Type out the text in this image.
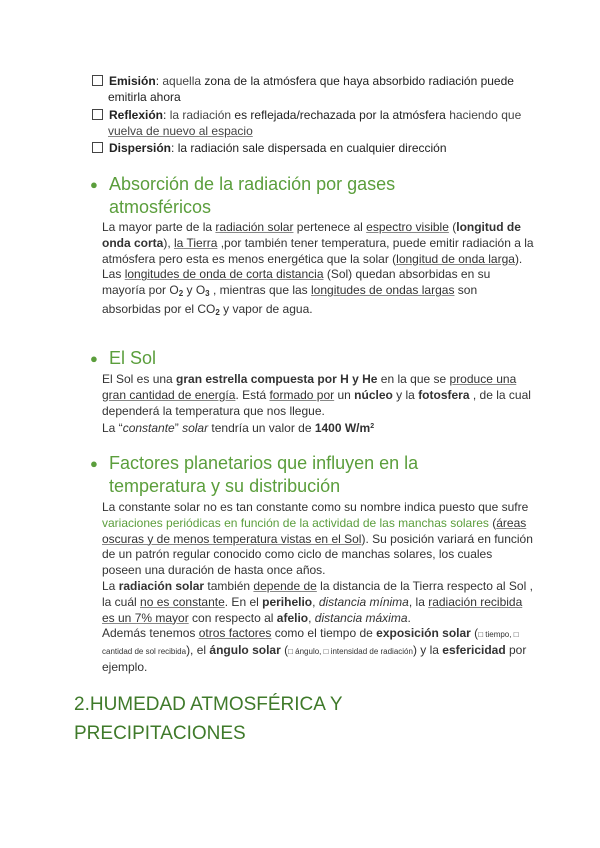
Emisión: aquella zona de la atmósfera que haya absorbido radiación puede
emitirla ahora
Reflexión: la radiación es reflejada/rechazada por la atmósfera haciendo que
vuelva de nuevo al espacio
Dispersión: la radiación sale dispersada en cualquier dirección
● Absorción de la radiación por gases atmosféricos
La mayor parte de la radiación solar pertenece al espectro visible (longitud de onda corta), la Tierra ,por también tener temperatura, puede emitir radiación a la atmósfera pero esta es menos energética que la solar (longitud de onda larga).
Las longitudes de onda de corta distancia (Sol) quedan absorbidas en su mayoría por $O_2$ y $O_3$ , mientras que las longitudes de ondas largas son absorbidas por el $CO_2$ y vapor de agua.
● El Sol
El Sol es una gran estrella compuesta por H y He en la que se produce una gran cantidad de energía. Está formado por un núcleo y la fotosfera , de la cual dependerá la temperatura que nos llegue.
La “constante” solar tendría un valor de 1400 $W/m^2$
● Factores planetarios que influyen en la temperatura y su distribución
La constante solar no es tan constante como su nombre indica puesto que sufre variaciones periódicas en función de la actividad de las manchas solares (áreas oscuras y de menos temperatura vistas en el Sol). Su posición variará en función de un patrón regular conocido como ciclo de manchas solares, los cuales poseen una duración de hasta once años.
La radiación solar también depende de la distancia de la Tierra respecto al Sol , la cuál no es constante. En el perihelio, distancia mínima, la radiación recibida es un 7% mayor con respecto al afelio, distancia máxima.
Además tenemos otros factores como el tiempo de exposición solar (□ tiempo, □ cantidad de sol recibida), el ángulo solar (□ ángulo, □ intensidad de radiación) y la esfericidad por ejemplo.
2.HUMEDAD ATMOSFÉRICA Y
PRECIPITACIONES
